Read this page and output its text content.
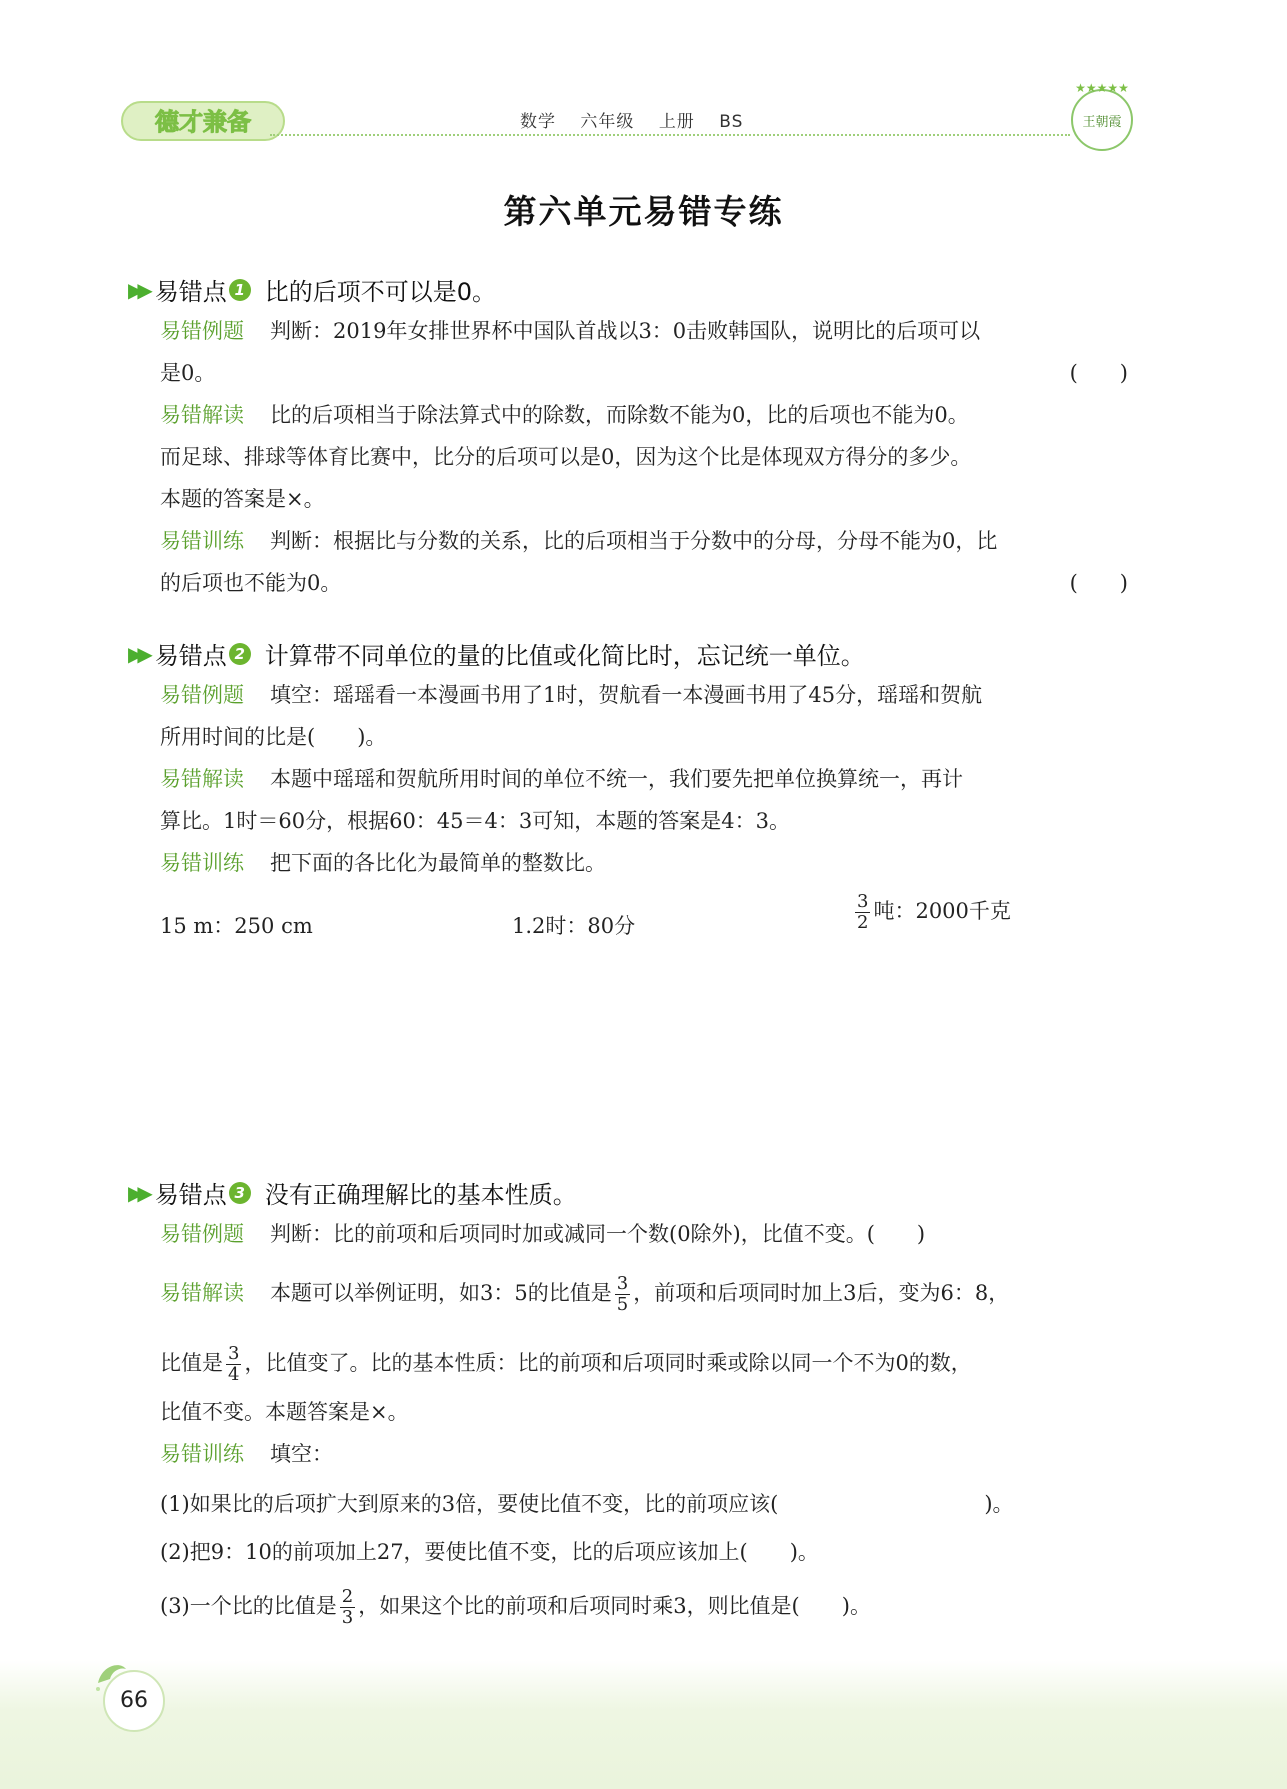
德才兼备	数学 六年级 上册 BS
★★★★★
王朝霞
第六单元易错专练
▶▶ 易错点 1 比的后项不可以是0。
易错例题 判断：2019年女排世界杯中国队首战以3：0击败韩国队，说明比的后项可以
是0。	(　　)
易错解读 比的后项相当于除法算式中的除数，而除数不能为0，比的后项也不能为0。
而足球、排球等体育比赛中，比分的后项可以是0，因为这个比是体现双方得分的多少。
本题的答案是×。
易错训练 判断：根据比与分数的关系，比的后项相当于分数中的分母，分母不能为0，比
的后项也不能为0。	(　　)
▶▶ 易错点 2 计算带不同单位的量的比值或化简比时，忘记统一单位。
易错例题 填空：瑶瑶看一本漫画书用了1时，贺航看一本漫画书用了45分，瑶瑶和贺航
所用时间的比是(　　)。
易错解读 本题中瑶瑶和贺航所用时间的单位不统一，我们要先把单位换算统一，再计
算比。1时＝60分，根据60：45＝4：3可知，本题的答案是4：3。
易错训练 把下面的各比化为最简单的整数比。
15 m：250 cm	1.2时：80分	$\frac{3}{2}$ 吨：2000千克
▶▶ 易错点 3 没有正确理解比的基本性质。
易错例题 判断：比的前项和后项同时加或减同一个数(0除外)，比值不变。(　　)
易错解读 本题可以举例证明，如3：5的比值是 $\frac{3}{5}$ ，前项和后项同时加上3后，变为6：8，
比值是 $\frac{3}{4}$ ，比值变了。比的基本性质：比的前项和后项同时乘或除以同一个不为0的数，
比值不变。本题答案是×。
易错训练 填空：
(1)如果比的后项扩大到原来的3倍，要使比值不变，比的前项应该(	)。
(2)把9：10的前项加上27，要使比值不变，比的后项应该加上(　　)。
(3)一个比的比值是 $\frac{2}{3}$ ，如果这个比的前项和后项同时乘3，则比值是(　　)。
66
